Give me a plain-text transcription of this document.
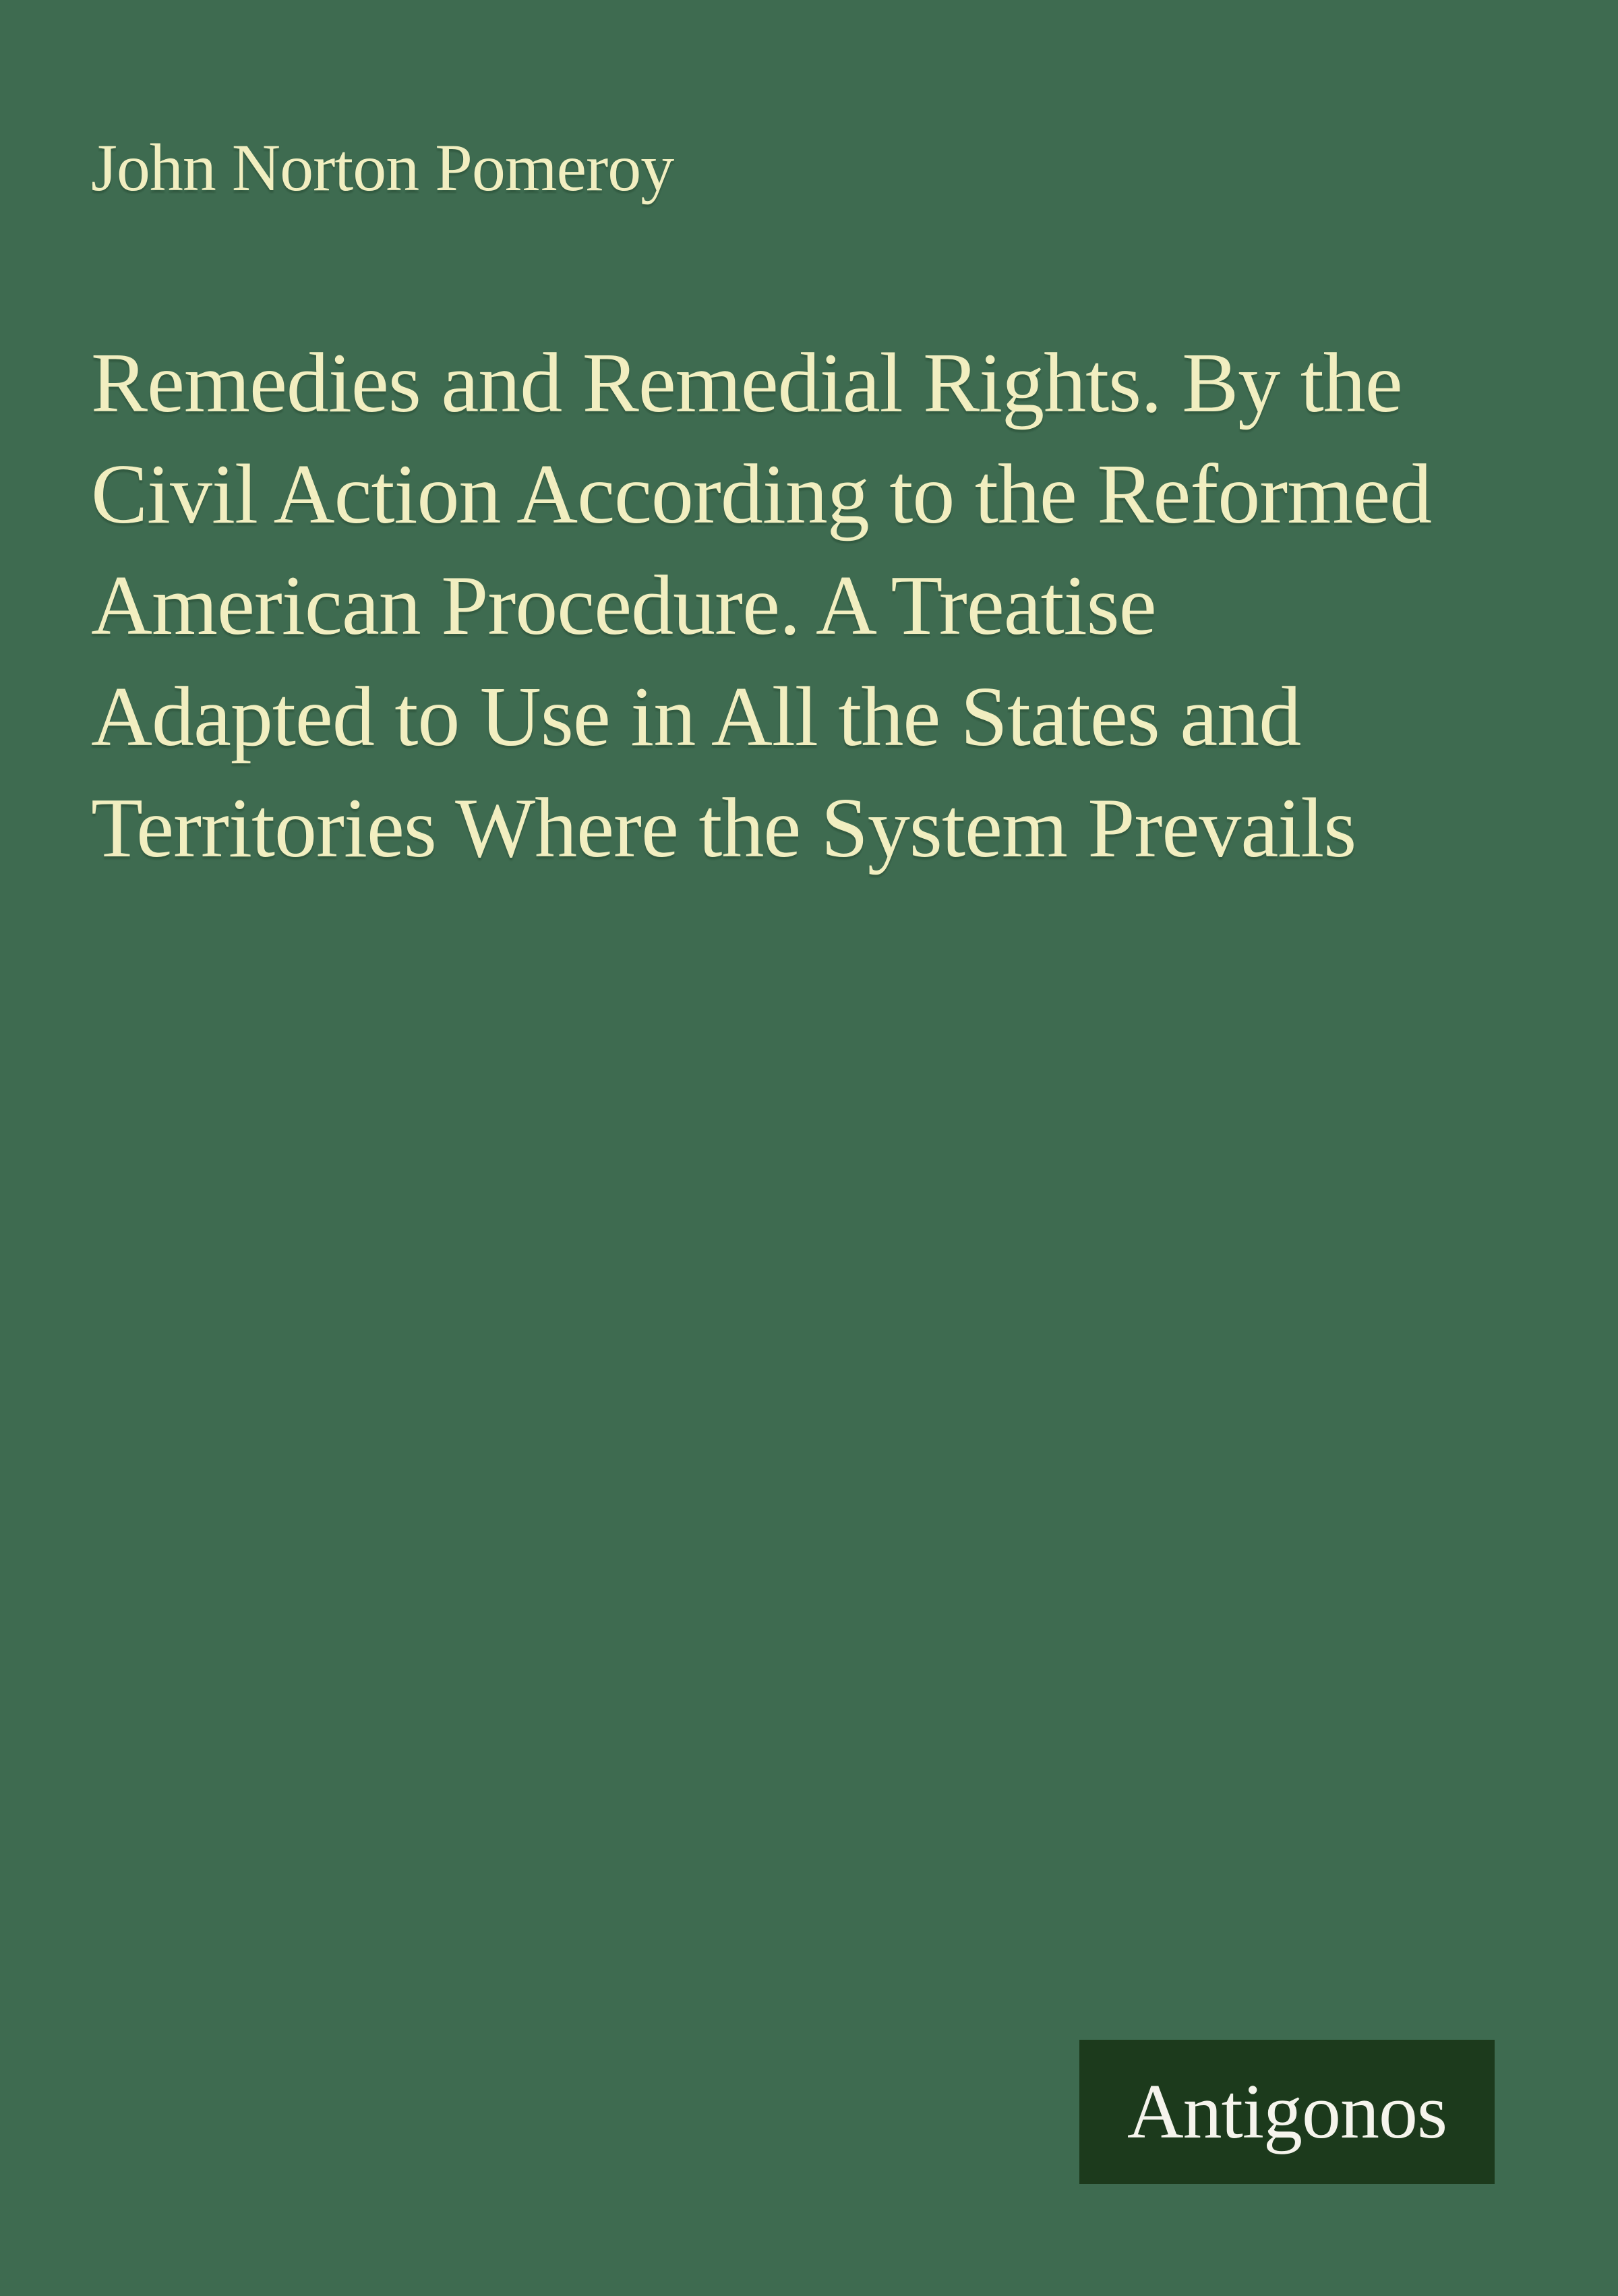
John Norton Pomeroy
Remedies and Remedial Rights. By the
Civil Action According to the Reformed
American Procedure. A Treatise
Adapted to Use in All the States and
Territories Where the System Prevails
Antigonos
